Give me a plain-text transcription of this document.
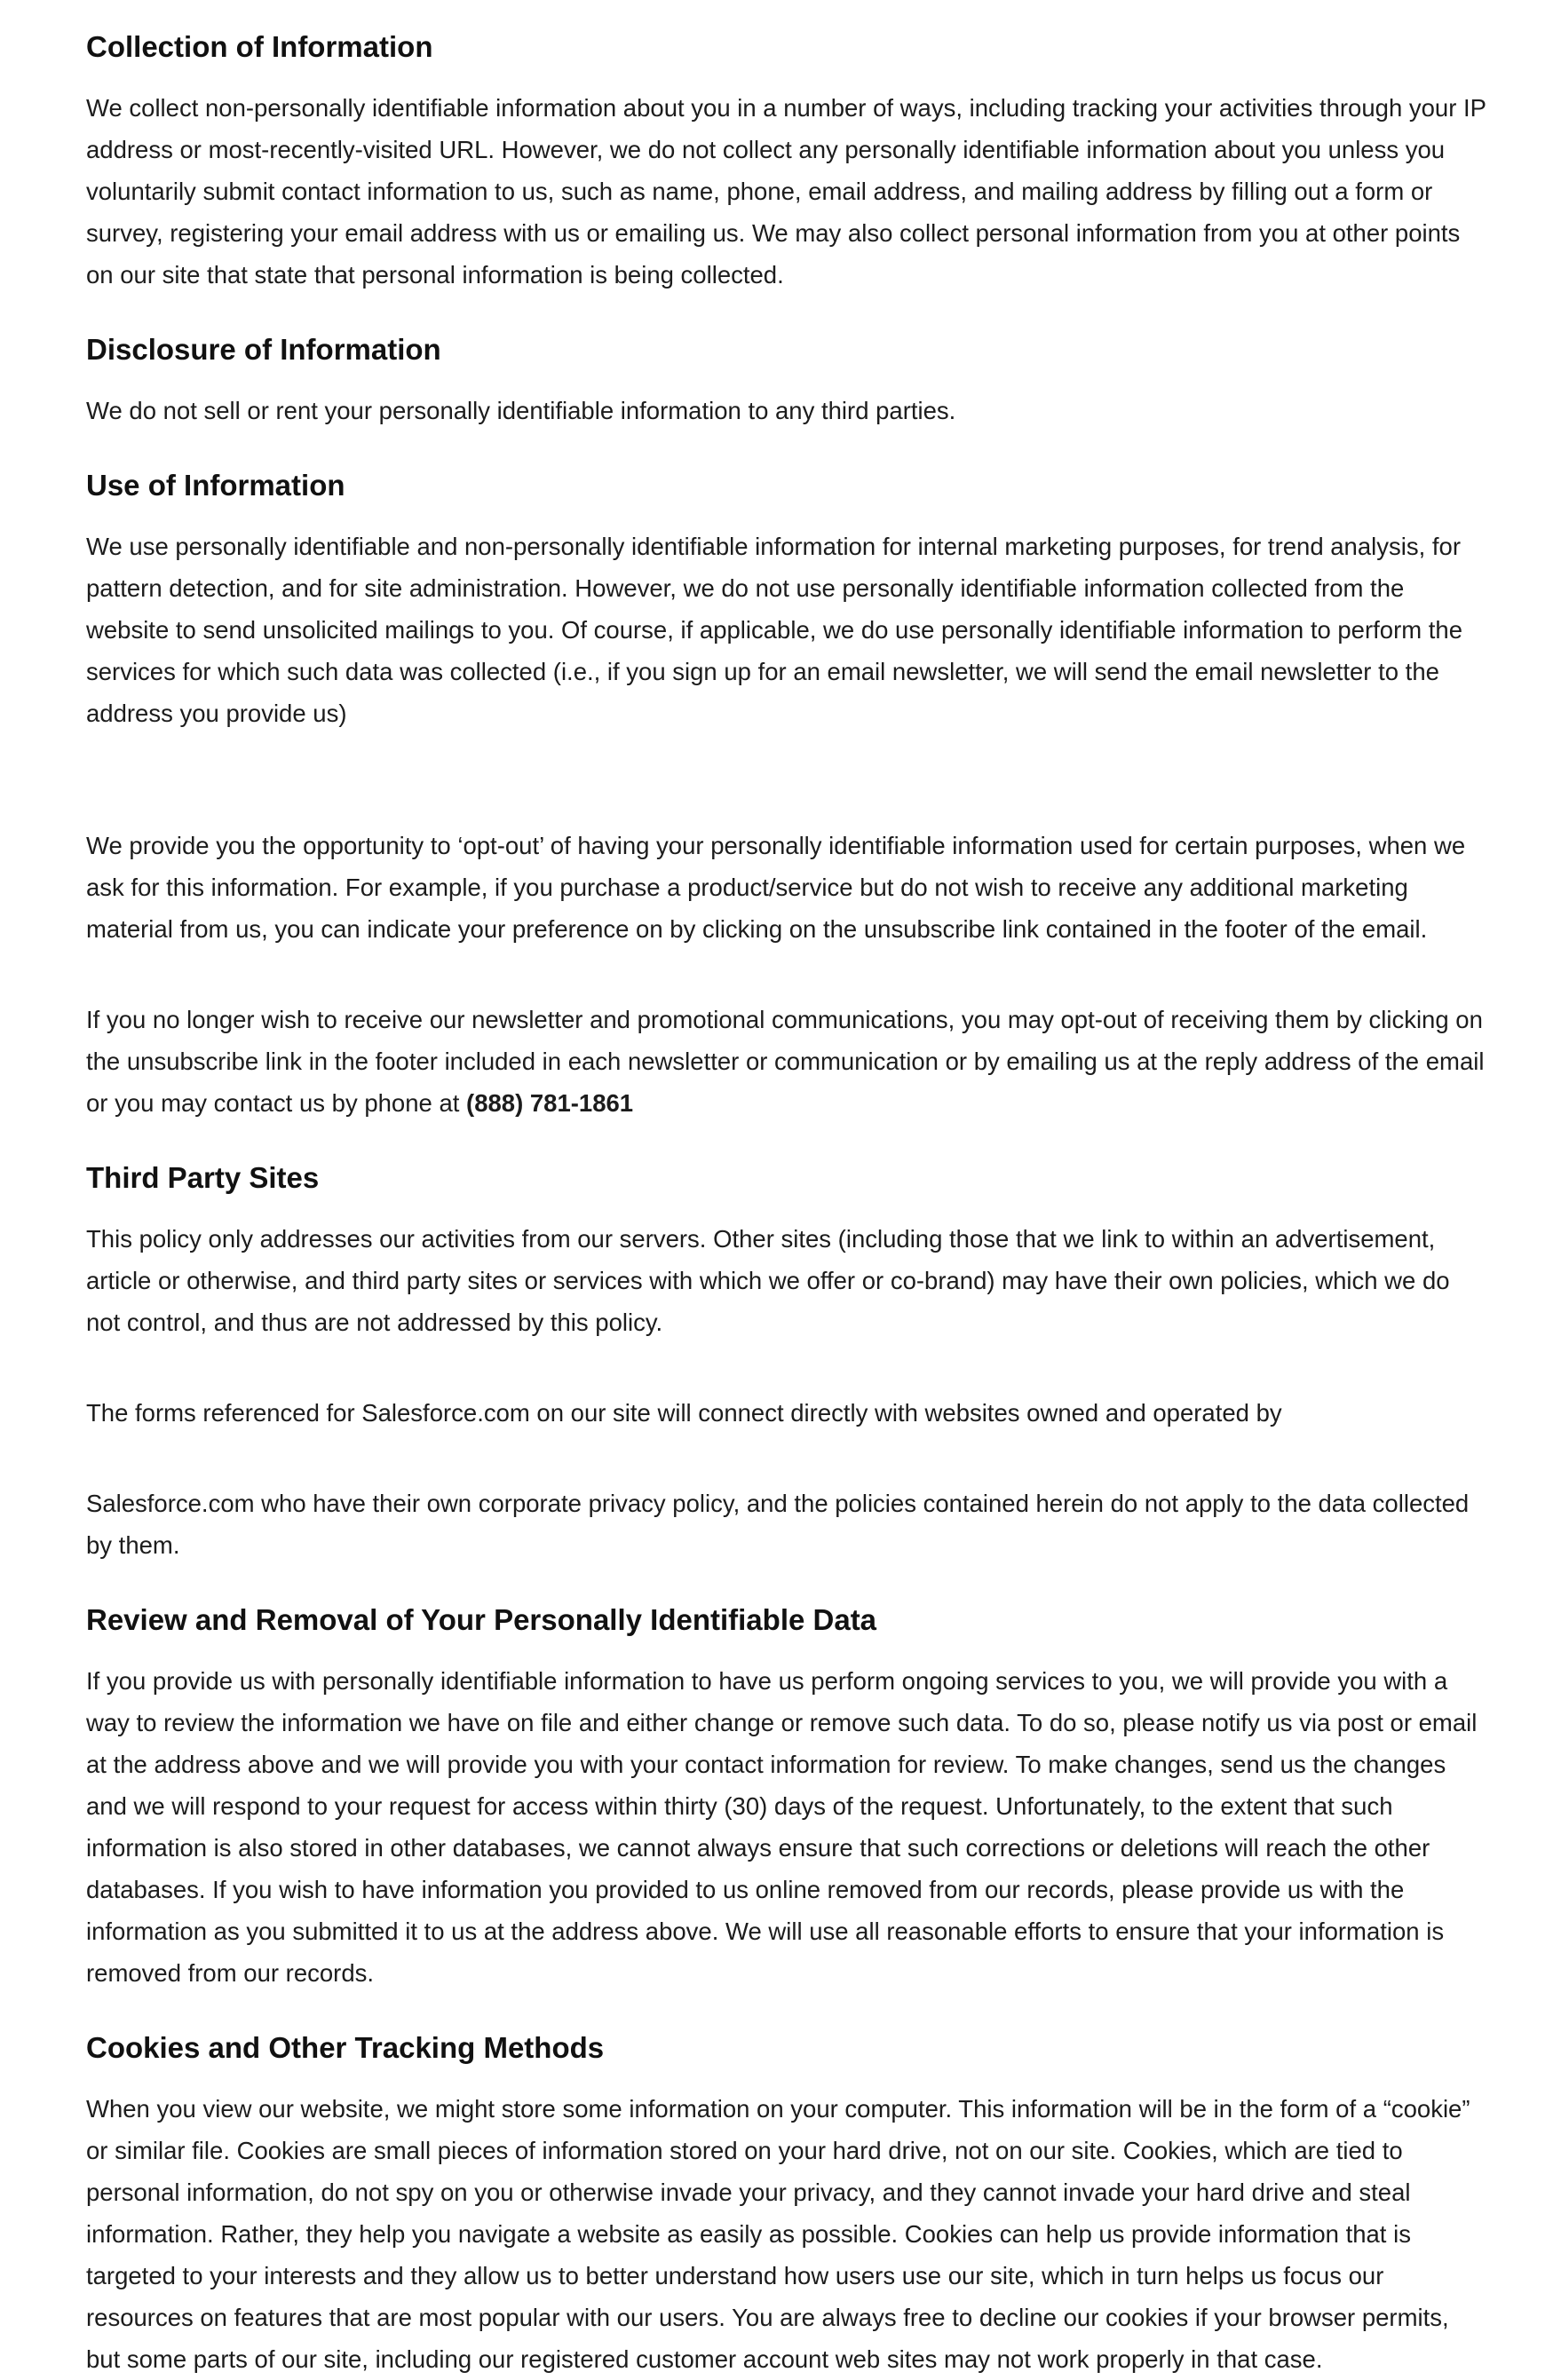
Collection of Information

We collect non-personally identifiable information about you in a number of ways, including tracking your activities through your IP address or most-recently-visited URL. However, we do not collect any personally identifiable information about you unless you voluntarily submit contact information to us, such as name, phone, email address, and mailing address by filling out a form or survey, registering your email address with us or emailing us. We may also collect personal information from you at other points on our site that state that personal information is being collected.

Disclosure of Information

We do not sell or rent your personally identifiable information to any third parties.

Use of Information

We use personally identifiable and non-personally identifiable information for internal marketing purposes, for trend analysis, for pattern detection, and for site administration. However, we do not use personally identifiable information collected from the website to send unsolicited mailings to you. Of course, if applicable, we do use personally identifiable information to perform the services for which such data was collected (i.e., if you sign up for an email newsletter, we will send the email newsletter to the address you provide us)

We provide you the opportunity to ‘opt-out’ of having your personally identifiable information used for certain purposes, when we ask for this information. For example, if you purchase a product/service but do not wish to receive any additional marketing material from us, you can indicate your preference on by clicking on the unsubscribe link contained in the footer of the email.

If you no longer wish to receive our newsletter and promotional communications, you may opt-out of receiving them by clicking on the unsubscribe link in the footer included in each newsletter or communication or by emailing us at the reply address of the email or you may contact us by phone at (888) 781-1861

Third Party Sites

This policy only addresses our activities from our servers. Other sites (including those that we link to within an advertisement, article or otherwise, and third party sites or services with which we offer or co-brand) may have their own policies, which we do not control, and thus are not addressed by this policy.

The forms referenced for Salesforce.com on our site will connect directly with websites owned and operated by

Salesforce.com who have their own corporate privacy policy, and the policies contained herein do not apply to the data collected by them.

Review and Removal of Your Personally Identifiable Data

If you provide us with personally identifiable information to have us perform ongoing services to you, we will provide you with a way to review the information we have on file and either change or remove such data. To do so, please notify us via post or email at the address above and we will provide you with your contact information for review. To make changes, send us the changes and we will respond to your request for access within thirty (30) days of the request. Unfortunately, to the extent that such information is also stored in other databases, we cannot always ensure that such corrections or deletions will reach the other databases. If you wish to have information you provided to us online removed from our records, please provide us with the information as you submitted it to us at the address above. We will use all reasonable efforts to ensure that your information is removed from our records.

Cookies and Other Tracking Methods

When you view our website, we might store some information on your computer. This information will be in the form of a “cookie” or similar file. Cookies are small pieces of information stored on your hard drive, not on our site. Cookies, which are tied to personal information, do not spy on you or otherwise invade your privacy, and they cannot invade your hard drive and steal information. Rather, they help you navigate a website as easily as possible. Cookies can help us provide information that is targeted to your interests and they allow us to better understand how users use our site, which in turn helps us focus our resources on features that are most popular with our users. You are always free to decline our cookies if your browser permits, but some parts of our site, including our registered customer account web sites may not work properly in that case.
